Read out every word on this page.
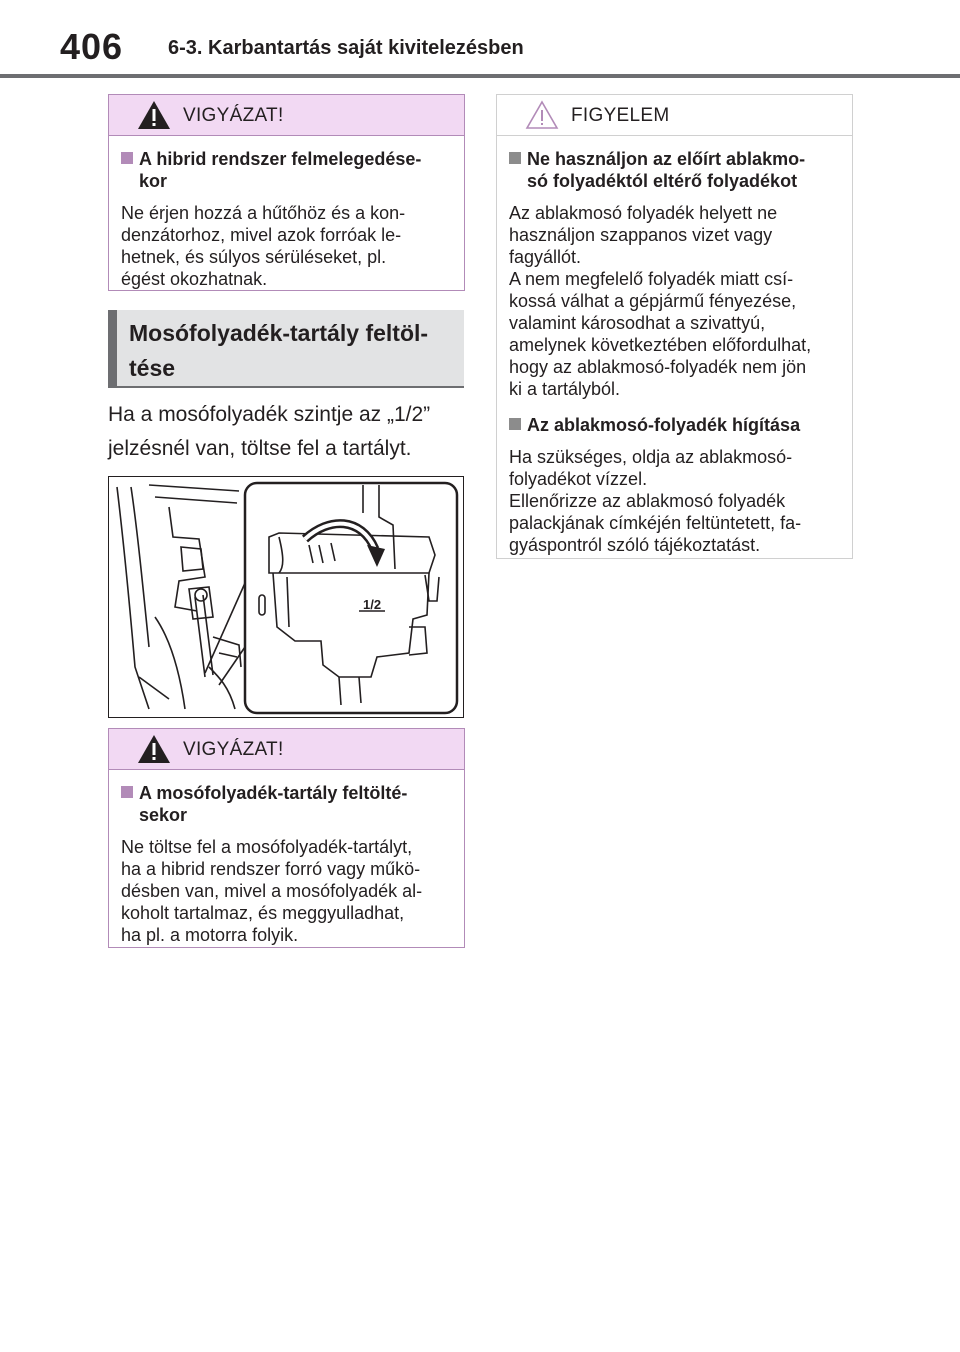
406 6-3. Karbantartás saját kivitelezésben
VIGYÁZAT!
A hibrid rendszer felmelegedése-
kor
Ne érjen hozzá a hűtőhöz és a kon-
denzátorhoz, mivel azok forróak le-
hetnek, és súlyos sérüléseket, pl.
égést okozhatnak.
Mosófolyadék-tartály feltöl-
tése
Ha a mosófolyadék szintje az „1/2”
jelzésnél van, töltse fel a tartályt.
1/2
VIGYÁZAT!
A mosófolyadék-tartály feltölté-
sekor
Ne töltse fel a mosófolyadék-tartályt,
ha a hibrid rendszer forró vagy műkö-
désben van, mivel a mosófolyadék al-
koholt tartalmaz, és meggyulladhat,
ha pl. a motorra folyik.
FIGYELEM
Ne használjon az előírt ablakmo-
só folyadéktól eltérő folyadékot
Az ablakmosó folyadék helyett ne
használjon szappanos vizet vagy
fagyállót.
A nem megfelelő folyadék miatt csí-
kossá válhat a gépjármű fényezése,
valamint károsodhat a szivattyú,
amelynek következtében előfordulhat,
hogy az ablakmosó-folyadék nem jön
ki a tartályból.
Az ablakmosó-folyadék hígítása
Ha szükséges, oldja az ablakmosó-
folyadékot vízzel.
Ellenőrizze az ablakmosó folyadék
palackjának címkéjén feltüntetett, fa-
gyáspontról szóló tájékoztatást.
